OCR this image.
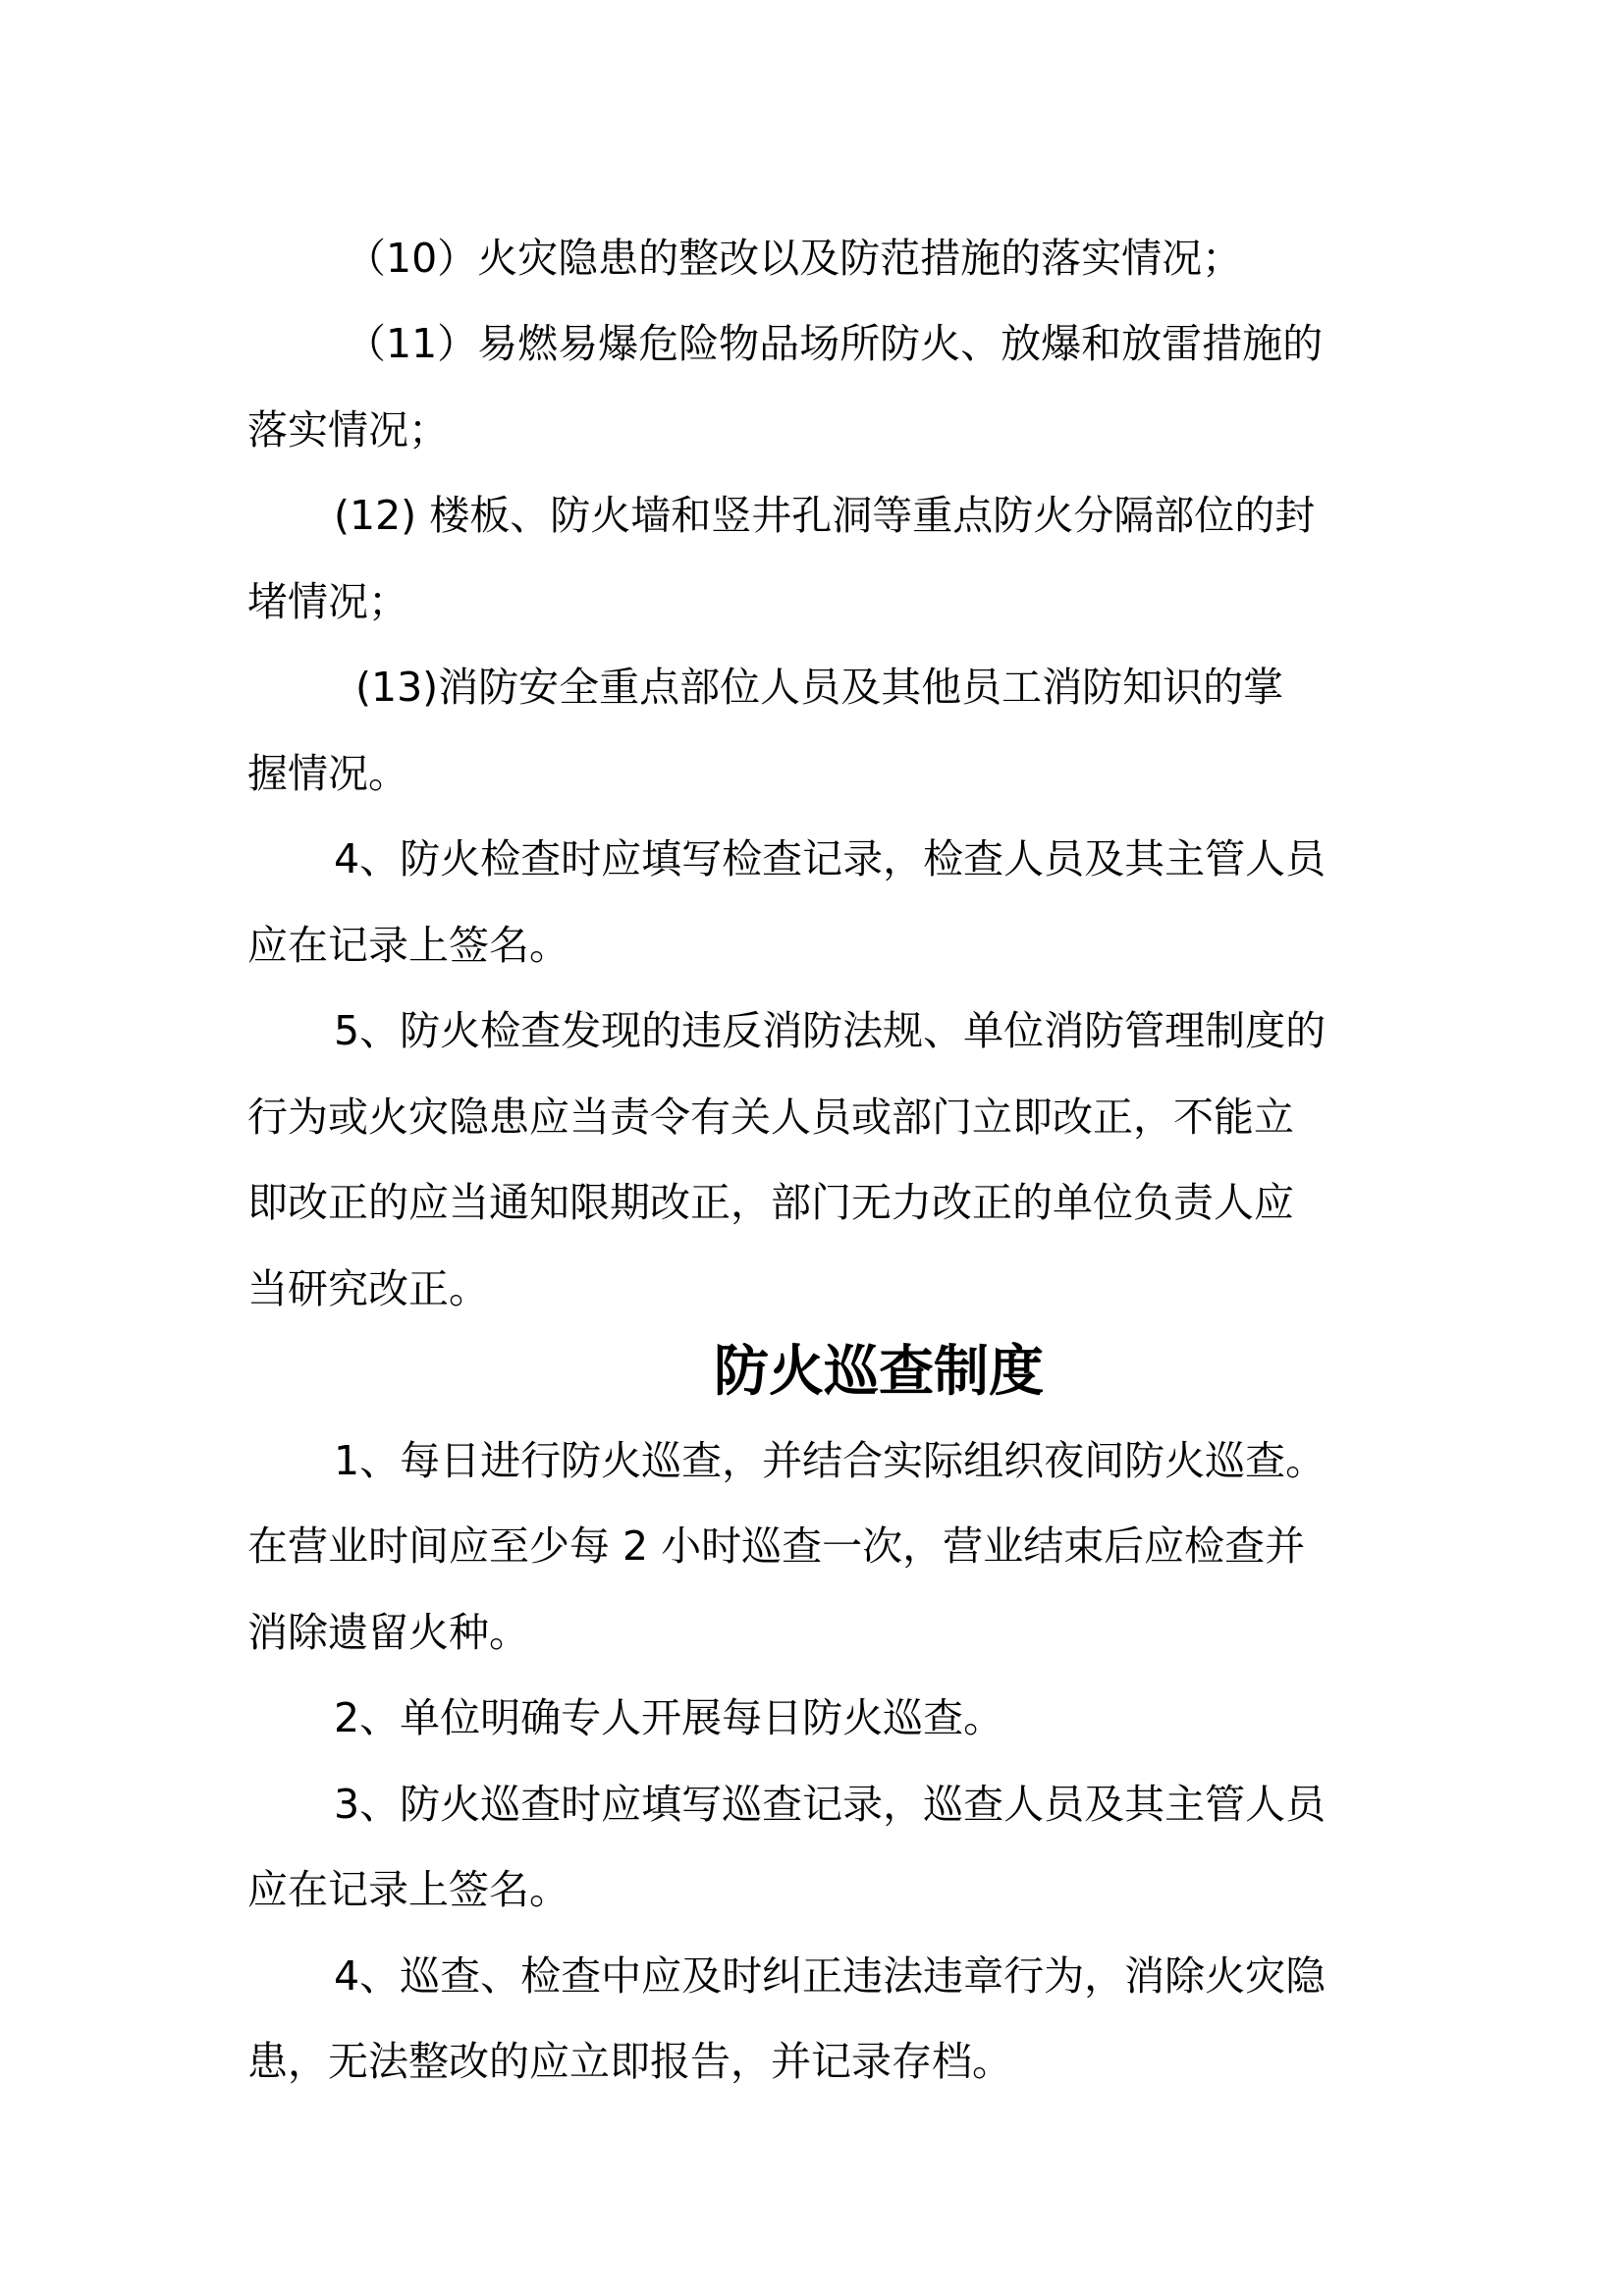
（10）火灾隐患的整改以及防范措施的落实情况；

（11）易燃易爆危险物品场所防火、放爆和放雷措施的

落实情况；

(12) 楼板、防火墙和竖井孔洞等重点防火分隔部位的封

堵情况；

(13)消防安全重点部位人员及其他员工消防知识的掌

握情况。

4、防火检查时应填写检查记录，检查人员及其主管人员

应在记录上签名。

5、防火检查发现的违反消防法规、单位消防管理制度的

行为或火灾隐患应当责令有关人员或部门立即改正，不能立

即改正的应当通知限期改正，部门无力改正的单位负责人应

当研究改正。

防火巡查制度

1、每日进行防火巡查，并结合实际组织夜间防火巡查。

在营业时间应至少每 2 小时巡查一次，营业结束后应检查并

消除遗留火种。

2、单位明确专人开展每日防火巡查。

3、防火巡查时应填写巡查记录，巡查人员及其主管人员

应在记录上签名。

4、巡查、检查中应及时纠正违法违章行为，消除火灾隐

患，无法整改的应立即报告，并记录存档。
